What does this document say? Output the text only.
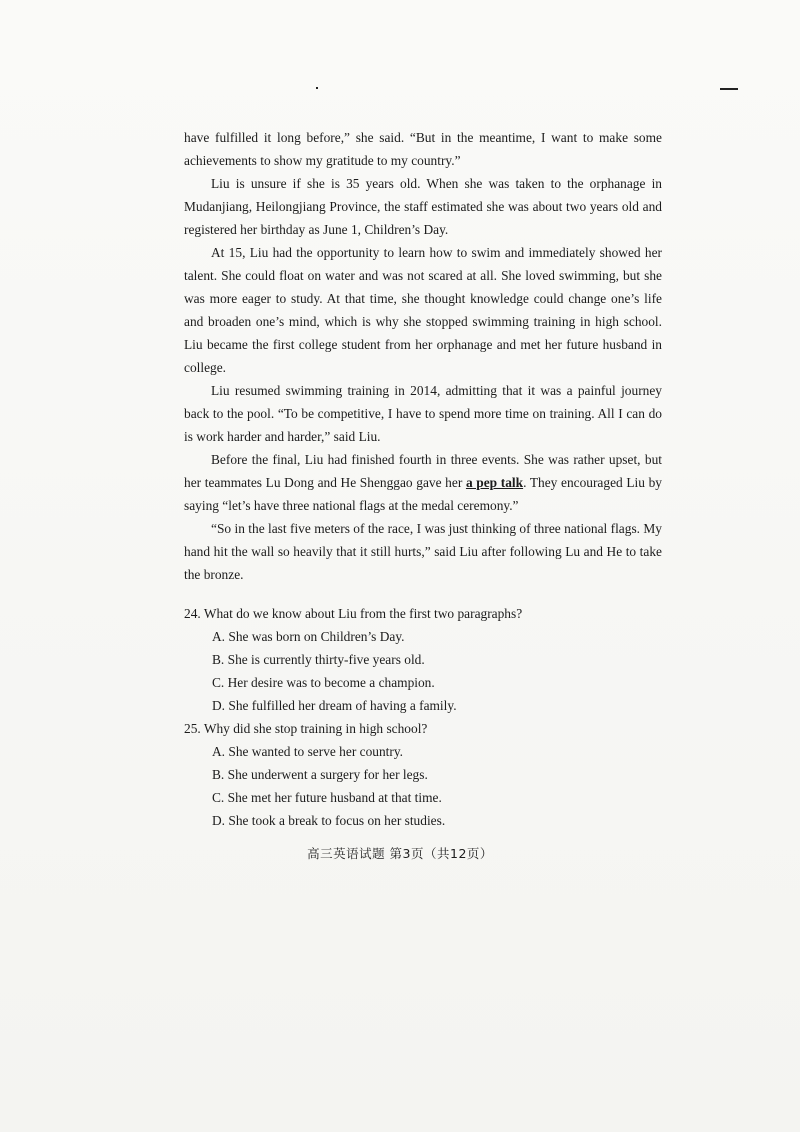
have fulfilled it long before,” she said. “But in the meantime, I want to make some achievements to show my gratitude to my country.”

Liu is unsure if she is 35 years old. When she was taken to the orphanage in Mudanjiang, Heilongjiang Province, the staff estimated she was about two years old and registered her birthday as June 1, Children’s Day.

At 15, Liu had the opportunity to learn how to swim and immediately showed her talent. She could float on water and was not scared at all. She loved swimming, but she was more eager to study. At that time, she thought knowledge could change one’s life and broaden one’s mind, which is why she stopped swimming training in high school. Liu became the first college student from her orphanage and met her future husband in college.

Liu resumed swimming training in 2014, admitting that it was a painful journey back to the pool. “To be competitive, I have to spend more time on training. All I can do is work harder and harder,” said Liu.

Before the final, Liu had finished fourth in three events. She was rather upset, but her teammates Lu Dong and He Shenggao gave her a pep talk. They encouraged Liu by saying “let’s have three national flags at the medal ceremony.”

“So in the last five meters of the race, I was just thinking of three national flags. My hand hit the wall so heavily that it still hurts,” said Liu after following Lu and He to take the bronze.

24. What do we know about Liu from the first two paragraphs?

A. She was born on Children’s Day.
B. She is currently thirty-five years old.
C. Her desire was to become a champion.
D. She fulfilled her dream of having a family.

25. Why did she stop training in high school?

A. She wanted to serve her country.
B. She underwent a surgery for her legs.
C. She met her future husband at that time.
D. She took a break to focus on her studies.
高三英语试题 第3页（共12页）
